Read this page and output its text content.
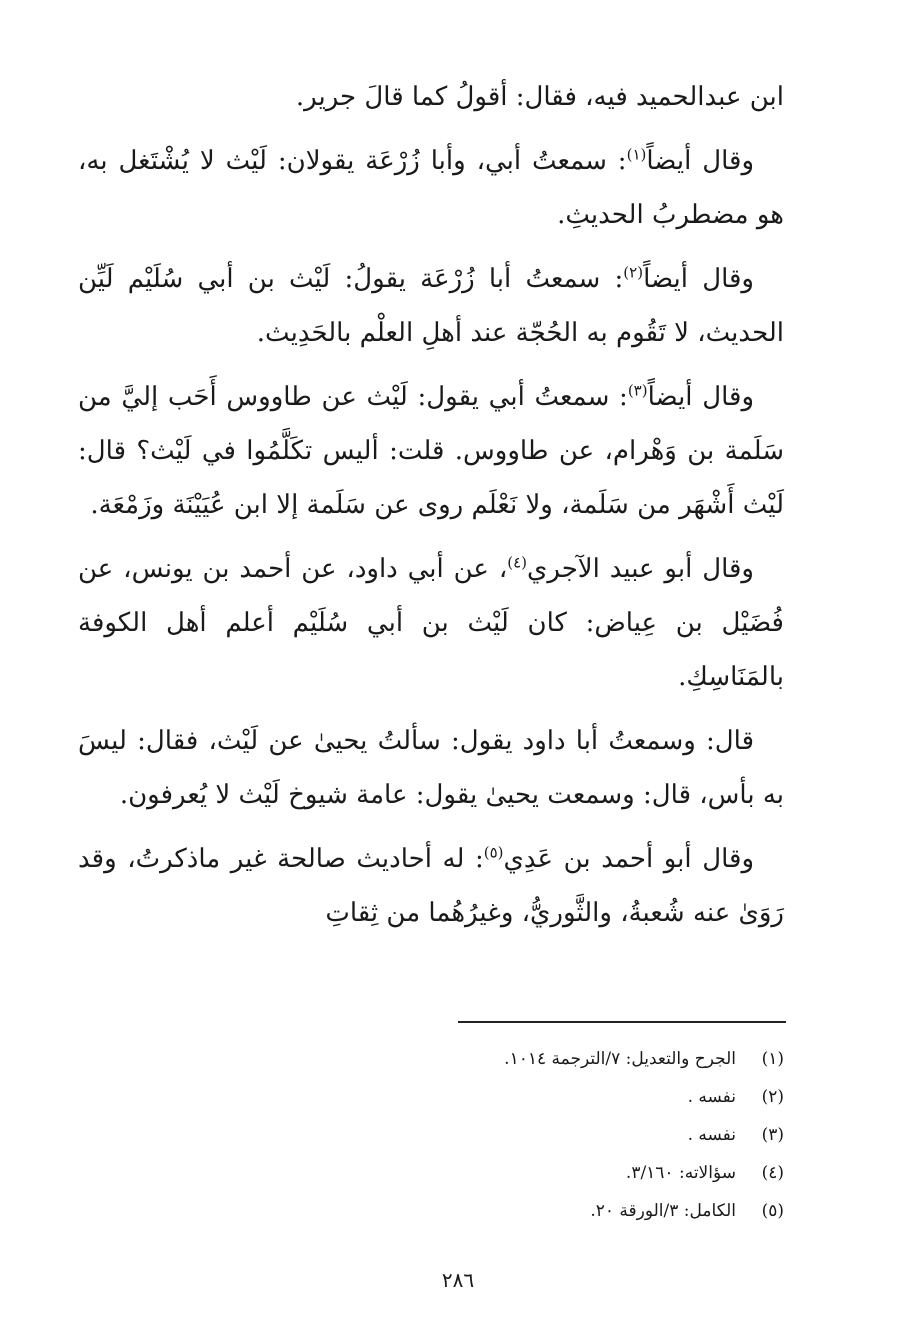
ابن عبدالحميد فيه، فقال: أقولُ كما قالَ جرير.

وقال أيضاً$^{(١)}$: سمعتُ أبي، وأبا زُرْعَة يقولان: لَيْث لا يُشْتَغل به، هو مضطربُ الحديثِ.

وقال أيضاً$^{(٢)}$: سمعتُ أبا زُرْعَة يقولُ: لَيْث بن أبي سُلَيْم لَيِّن الحديث، لا تَقُوم به الحُجّة عند أهلِ العلْم بالحَدِيث.

وقال أيضاً$^{(٣)}$: سمعتُ أبي يقول: لَيْث عن طاووس أَحَب إليَّ من سَلَمة بن وَهْرام، عن طاووس. قلت: أليس تكَلَّمُوا في لَيْث؟ قال: لَيْث أَشْهَر من سَلَمة، ولا نَعْلَم روى عن سَلَمة إلا ابن عُيَيْنَة وزَمْعَة.

وقال أبو عبيد الآجري$^{(٤)}$، عن أبي داود، عن أحمد بن يونس، عن فُضَيْل بن عِياض: كان لَيْث بن أبي سُلَيْم أعلم أهل الكوفة بالمَنَاسِكِ.

قال: وسمعتُ أبا داود يقول: سألتُ يحيىٰ عن لَيْث، فقال: ليسَ به بأس، قال: وسمعت يحيىٰ يقول: عامة شيوخ لَيْث لا يُعرفون.

وقال أبو أحمد بن عَدِي$^{(٥)}$: له أحاديث صالحة غير ماذكرتُ، وقد رَوَىٰ عنه شُعبةُ، والثَّوريُّ، وغيرُهُما من ثِقاتِ

(١)الجرح والتعديل: ٧/الترجمة ١٠١٤.
(٢)نفسه .
(٣)نفسه .
(٤)سؤالاته: ٣/١٦٠.
(٥)الكامل: ٣/الورقة ٢٠.
٢٨٦
